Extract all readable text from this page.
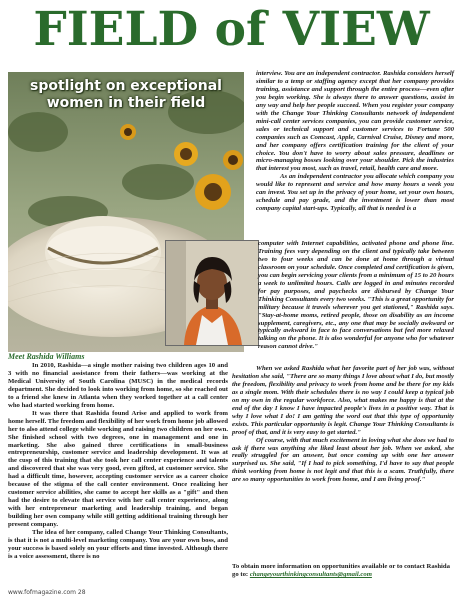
FIELD of VIEW
spotlight on exceptional women in their field
Meet Rashida Williams

interview. You are an independent contractor. Rashida considers herself similar to a temp or staffing agency except that her company provides training, assistance and support through the entire process—even after you begin working. She is always there to answer questions, assist in any way and help her people succeed. When you register your company with the Change Your Thinking Consultants network of independent mini-call center services companies, you can provide customer service, sales or technical support and customer services to Fortune 500 companies such as Comcast, Apple, Carnival Cruise, Disney and more, and her company offers certification training for the client of your choice. You don't have to worry about sales pressure, deadlines or micro-managing bosses looking over your shoulder. Pick the industries that interest you most, such as travel, retail, health care and more.

As an independent contractor you allocate which company you would like to represent and service and how many hours a week you can invest. You set up in the privacy of your home, set your own hours, schedule and pay grade, and the investment is lower than most company capital start-ups. Typically, all that is needed is a

computer with Internet capabilities, activated phone and phone line. Training fees vary depending on the client and typically take between two to four weeks and can be done at home through a virtual classroom on your schedule. Once completed and certification is given, you can begin servicing your clients from a minimum of 15 to 20 hours a week to unlimited hours. Calls are logged in and minutes recorded for pay purposes, and paychecks are disbursed by Change Your Thinking Consultants every two weeks. "This is a great opportunity for military because it travels wherever you get stationed," Rashida says. "Stay-at-home moms, retired people, those on disability as an income supplement, caregivers, etc., any one that may be socially awkward or typically awkward in face to face conversations but feel more relaxed talking on the phone. It is also wonderful for anyone who for whatever reason cannot drive."

When we asked Rashida what her favorite part of her job was, without hesitation she said, "There are so many things I love about what I do, but mostly the freedom, flexibility and privacy to work from home and be there for my kids as a single mom. With their schedules there is no way I could keep a typical job on my own in the regular workforce. Also, what makes me happy is that at the end of the day I know I have impacted people's lives in a positive way. That is why I love what I do! I am getting the word out that this type of opportunity exists. This particular opportunity is legit. Change Your Thinking Consultants is proof of that, and it is very easy to get started."

Of course, with that much excitement in loving what she does we had to ask if there was anything she liked least about her job. When we asked, she really struggled for an answer, but once coming up with one her answer surprised us. She said, "If I had to pick something, I'd have to say that people think working from home is not legit and that this is a scam. Truthfully, there are so many opportunities to work from home, and I am living proof."

To obtain more information on opportunities available or to contact Rashida go to: changeyourthinkingconsultants@gmail.com

In 2010, Rashida—a single mother raising two children ages 10 and 3 with no financial assistance from their fathers—was working at the Medical University of South Carolina (MUSC) in the medical records department. She decided to look into working from home, so she reached out to a friend she knew in Atlanta when they worked together at a call center who had started working from home.

It was there that Rashida found Arise and applied to work from home herself. The freedom and flexibility of her work from home job allowed her to also attend college while working and raising two children on her own. She finished school with two degrees, one in management and one in marketing. She also gained three certifications in small-business entrepreneurship, customer service and leadership development. It was at the cusp of this training that she took her call center experience and talents and discovered that she was very good, even gifted, at customer service. She had a difficult time, however, accepting customer service as a career choice because of the stigma of the call center environment. Once realizing her customer service abilities, she came to accept her skills as a "gift" and then had the desire to elevate that service with her call center experience, along with her entrepreneur marketing and leadership training, and began building her own company while still getting additional training through her present company.

The idea of her company, called Change Your Thinking Consultants, is that it is not a multi-level marketing company. You are your own boss, and your success is based solely on your efforts and time invested. Although there is a voice assessment, there is no

www.fofmagazine.com 28
